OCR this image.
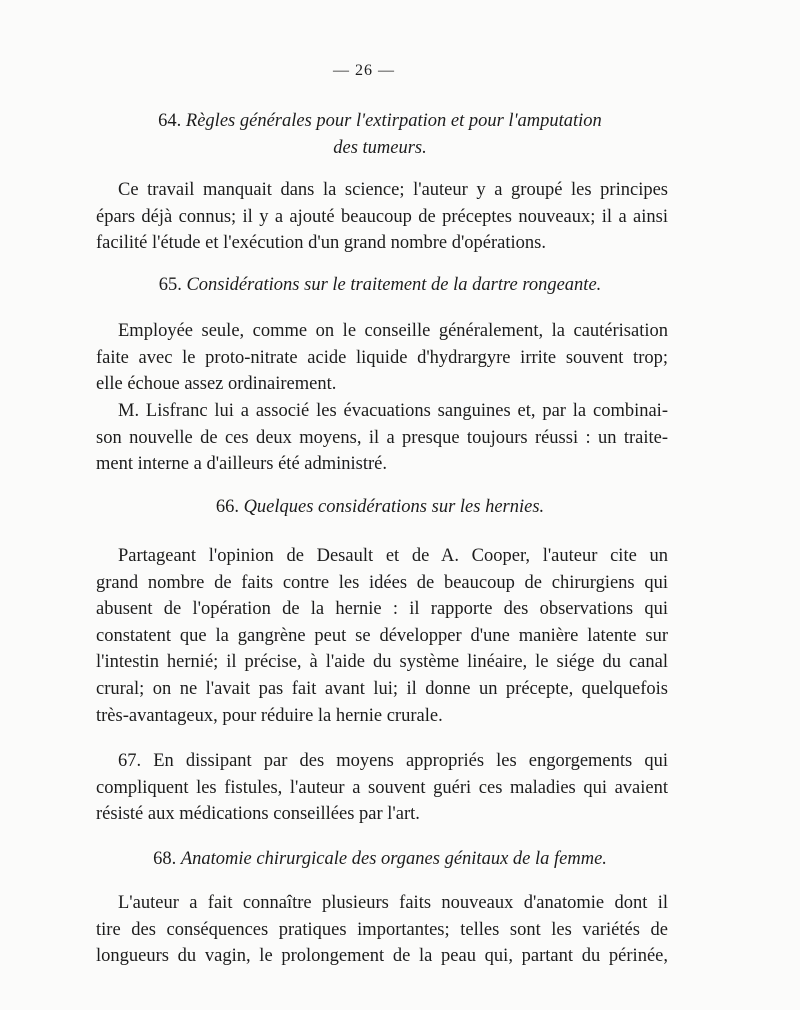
— 26 —
64. Règles générales pour l'extirpation et pour l'amputation
des tumeurs.
Ce travail manquait dans la science; l'auteur y a groupé les principes
épars déjà connus; il y a ajouté beaucoup de préceptes nouveaux; il a ainsi
facilité l'étude et l'exécution d'un grand nombre d'opérations.
65. Considérations sur le traitement de la dartre rongeante.
Employée seule, comme on le conseille généralement, la cautérisation
faite avec le proto-nitrate acide liquide d'hydrargyre irrite souvent trop;
elle échoue assez ordinairement.
M. Lisfranc lui a associé les évacuations sanguines et, par la combinai-
son nouvelle de ces deux moyens, il a presque toujours réussi : un traite-
ment interne a d'ailleurs été administré.
66. Quelques considérations sur les hernies.
Partageant l'opinion de Desault et de A. Cooper, l'auteur cite un
grand nombre de faits contre les idées de beaucoup de chirurgiens qui
abusent de l'opération de la hernie : il rapporte des observations qui
constatent que la gangrène peut se développer d'une manière latente sur
l'intestin hernié; il précise, à l'aide du système linéaire, le siége du canal
crural; on ne l'avait pas fait avant lui; il donne un précepte, quelquefois
très-avantageux, pour réduire la hernie crurale.
67. En dissipant par des moyens appropriés les engorgements qui
compliquent les fistules, l'auteur a souvent guéri ces maladies qui avaient
résisté aux médications conseillées par l'art.
68. Anatomie chirurgicale des organes génitaux de la femme.
L'auteur a fait connaître plusieurs faits nouveaux d'anatomie dont il
tire des conséquences pratiques importantes; telles sont les variétés de
longueurs du vagin, le prolongement de la peau qui, partant du périnée,
